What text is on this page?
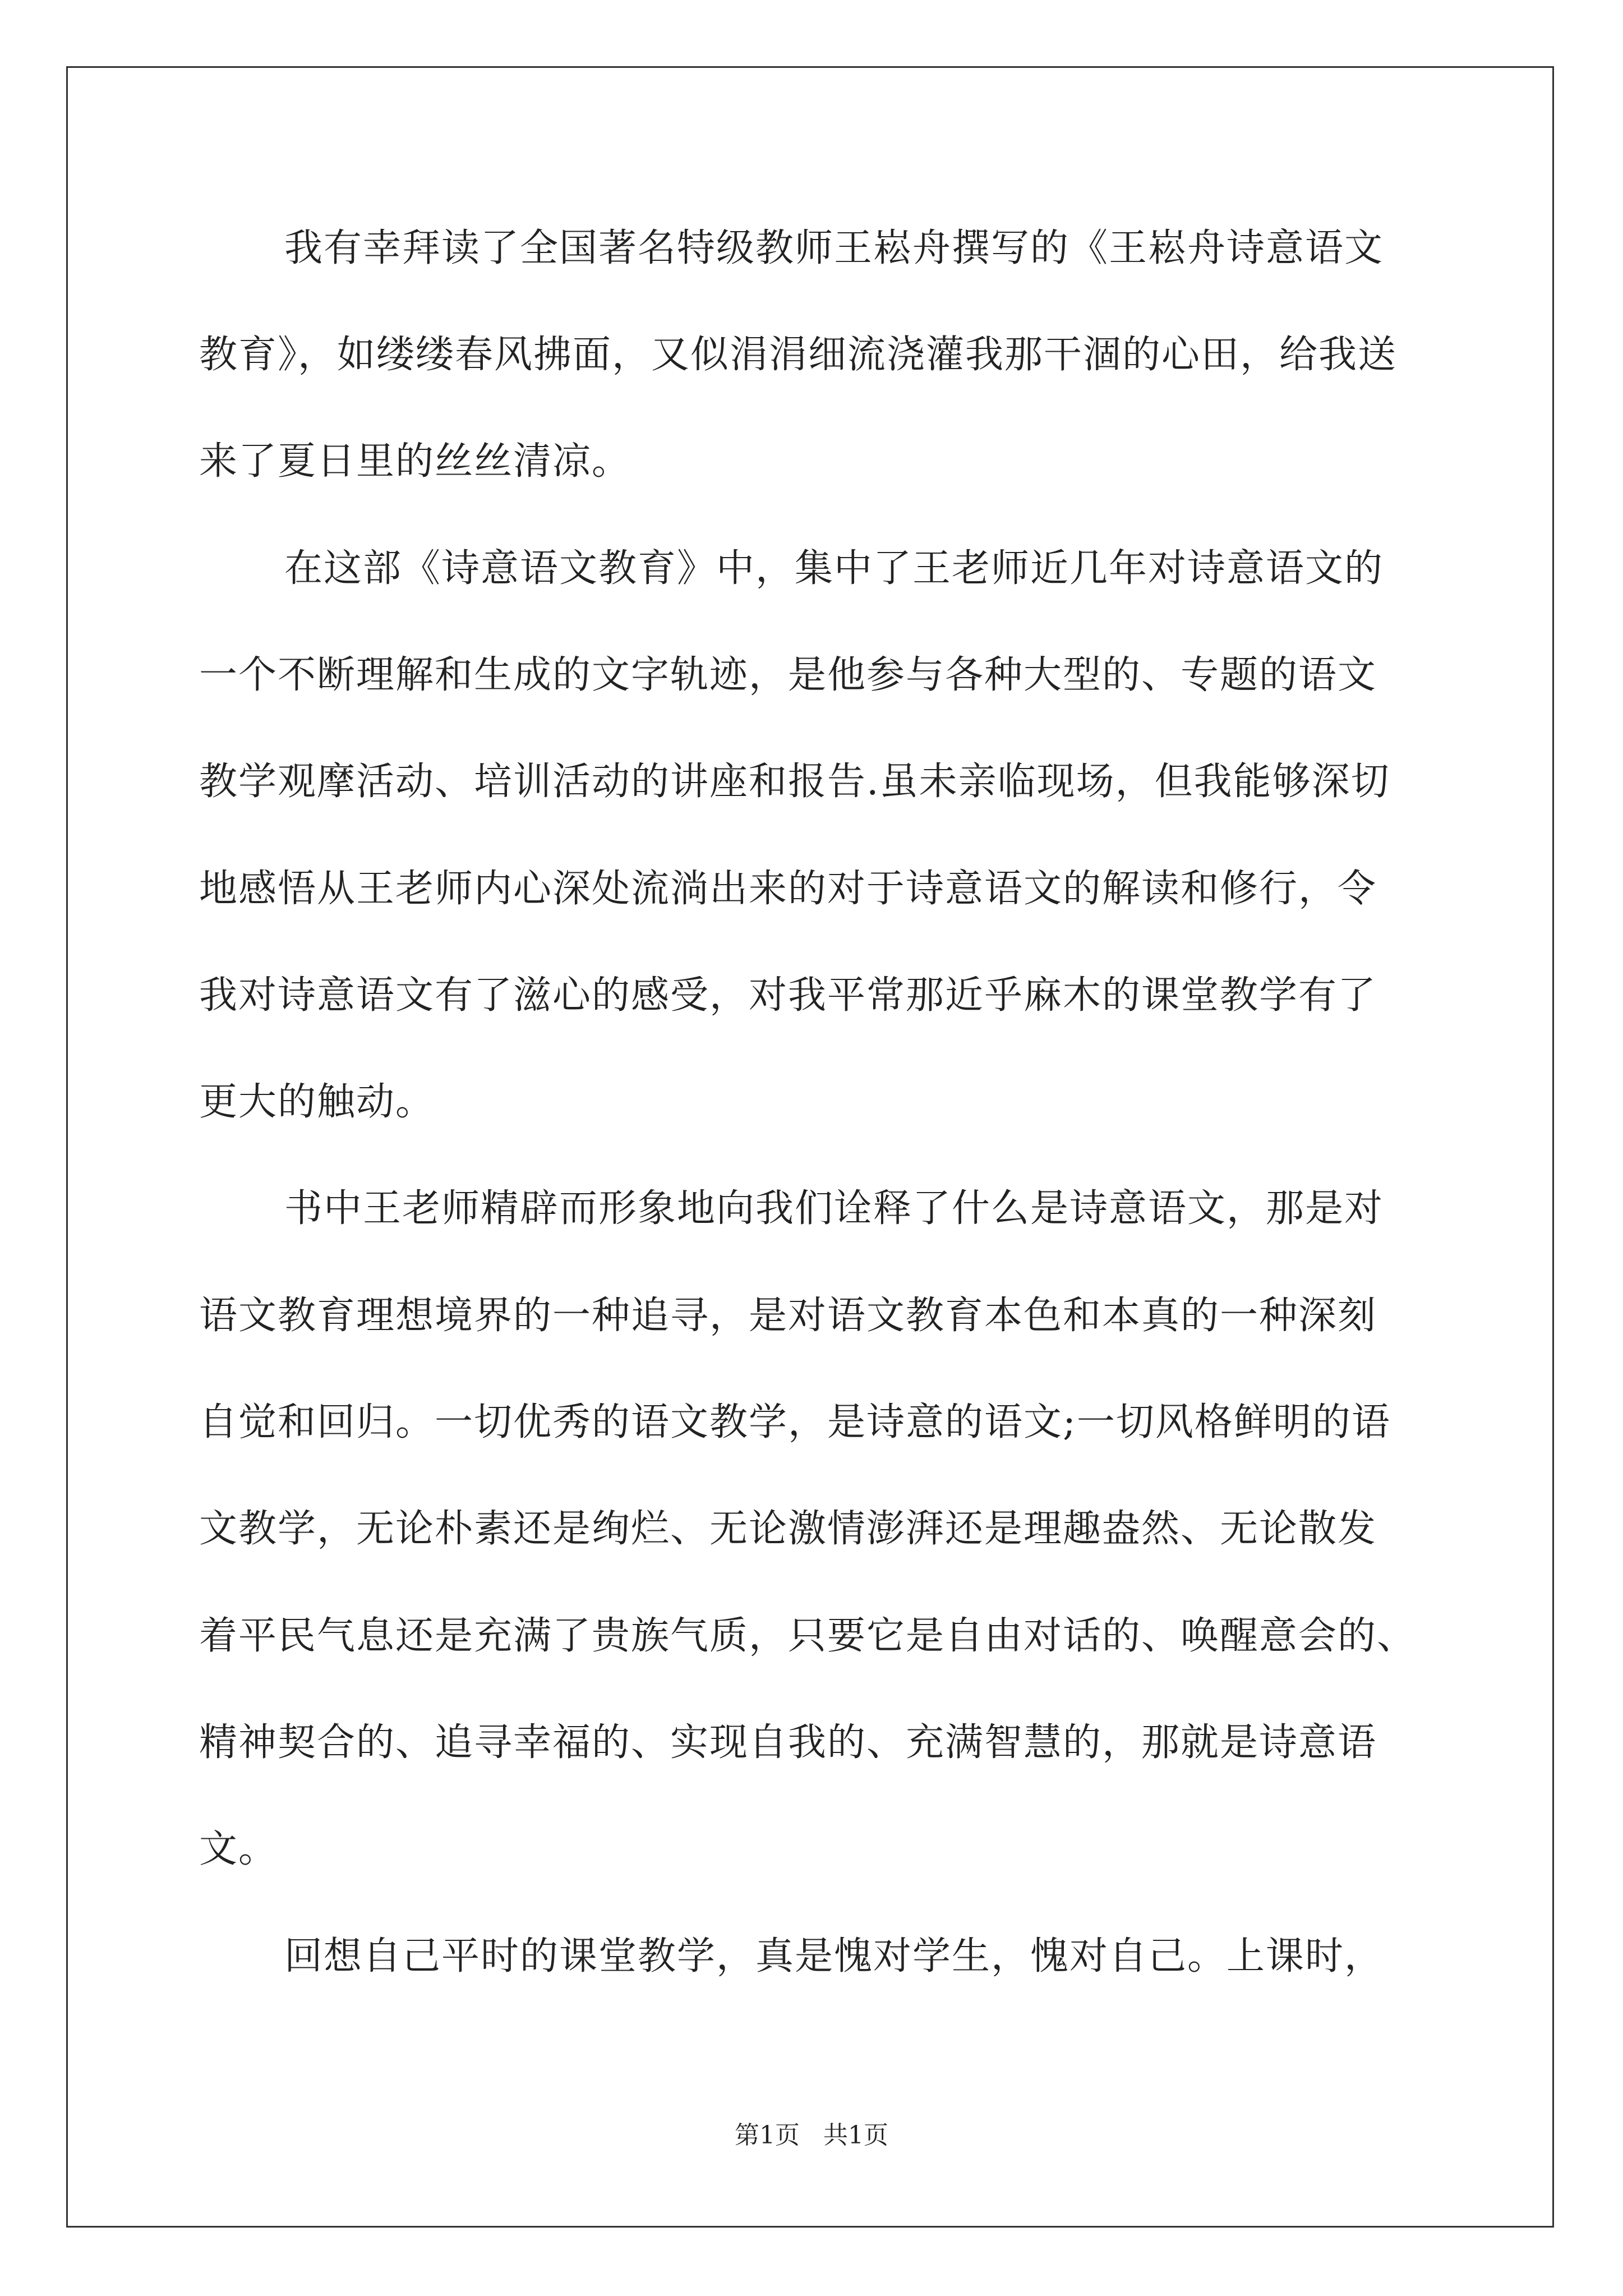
我有幸拜读了全国著名特级教师王崧舟撰写的《王崧舟诗意语文
教育》，如缕缕春风拂面，又似涓涓细流浇灌我那干涸的心田，给我送
来了夏日里的丝丝清凉。
在这部《诗意语文教育》中，集中了王老师近几年对诗意语文的
一个不断理解和生成的文字轨迹，是他参与各种大型的、专题的语文
教学观摩活动、培训活动的讲座和报告.虽未亲临现场，但我能够深切
地感悟从王老师内心深处流淌出来的对于诗意语文的解读和修行，令
我对诗意语文有了滋心的感受，对我平常那近乎麻木的课堂教学有了
更大的触动。
书中王老师精辟而形象地向我们诠释了什么是诗意语文，那是对
语文教育理想境界的一种追寻，是对语文教育本色和本真的一种深刻
自觉和回归。一切优秀的语文教学，是诗意的语文;一切风格鲜明的语
文教学，无论朴素还是绚烂、无论激情澎湃还是理趣盎然、无论散发
着平民气息还是充满了贵族气质，只要它是自由对话的、唤醒意会的、
精神契合的、追寻幸福的、实现自我的、充满智慧的，那就是诗意语
文。
回想自己平时的课堂教学，真是愧对学生，愧对自己。上课时，
第1页   共1页
